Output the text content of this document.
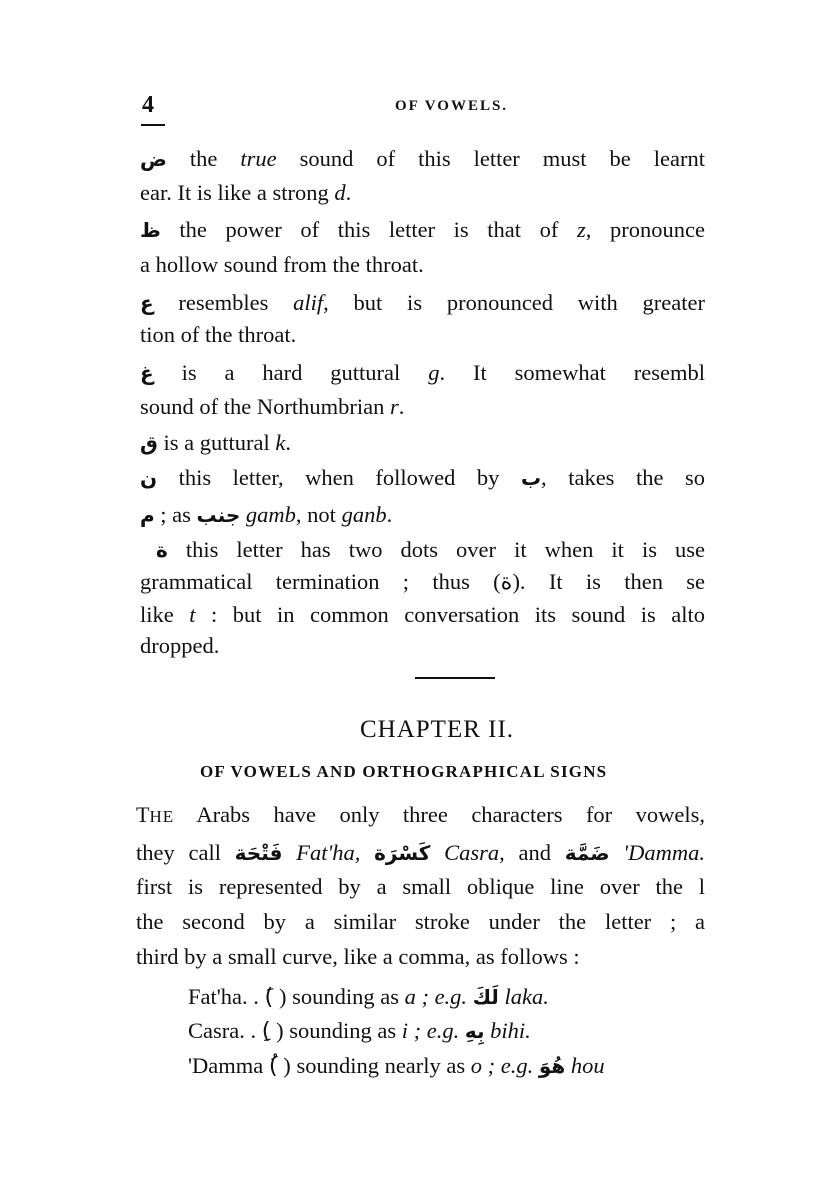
4	OF VOWELS.
ض the true sound of this letter must be learnt
ear. It is like a strong d.
ظ the power of this letter is that of z, pronounce
a hollow sound from the throat.
ع resembles alif, but is pronounced with greater
tion of the throat.
غ is a hard guttural g. It somewhat resembl
sound of the Northumbrian r.
ق is a guttural k.
ن this letter, when followed by ب, takes the so
م ; as جنب gamb, not ganb.
ة this letter has two dots over it when it is use
grammatical termination ; thus (ة). It is then se
like t : but in common conversation its sound is alto
dropped.
CHAPTER II.
OF VOWELS AND ORTHOGRAPHICAL SIGNS
THE Arabs have only three characters for vowels,
they call فَتْحَة Fat'ha, كَسْرَة Casra, and ضَمَّة 'Damma.
first is represented by a small oblique line over the l
the second by a similar stroke under the letter ; a
third by a small curve, like a comma, as follows :
Fat'ha. . (َ ) sounding as a ; e.g. لَكَ laka.
Casra. . (ِ ) sounding as i ; e.g. بِهِ bihi.
'Damma (ُ ) sounding nearly as o ; e.g. هُوَ hou
